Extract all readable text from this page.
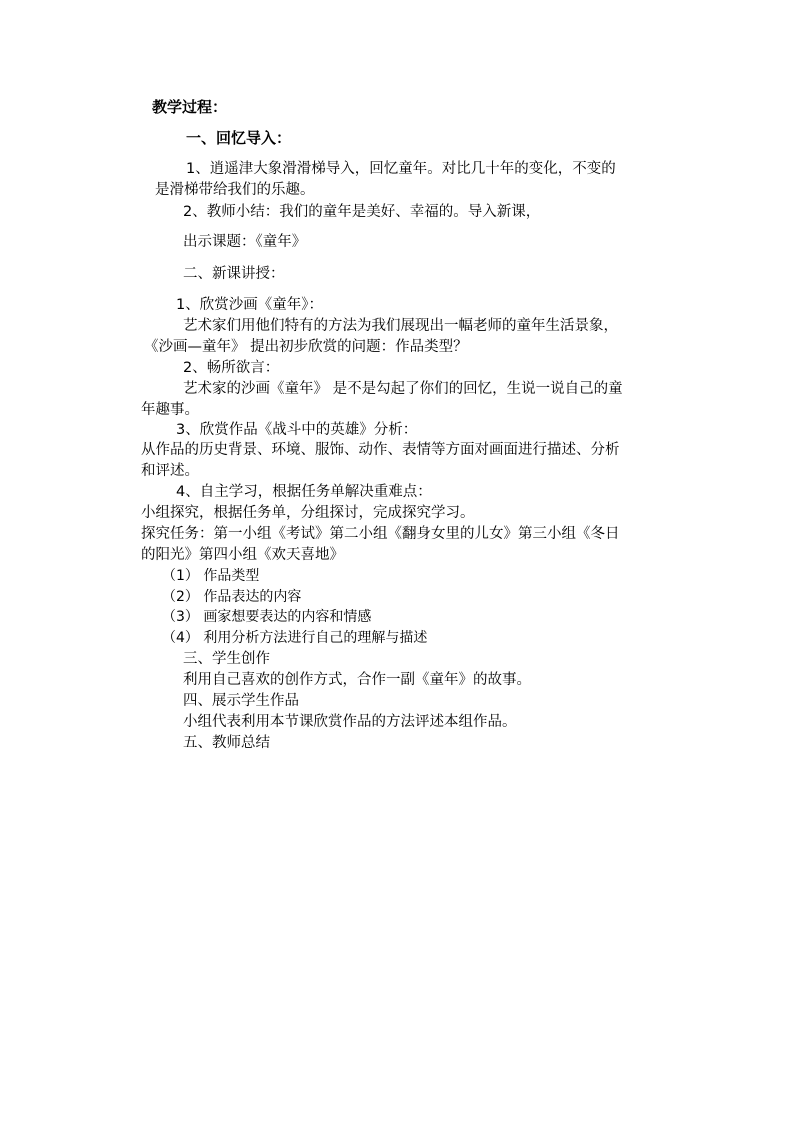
教学过程：
一、回忆导入：
1、逍遥津大象滑滑梯导入，回忆童年。对比几十年的变化，不变的
是滑梯带给我们的乐趣。
2、教师小结：我们的童年是美好、幸福的。导入新课，
出示课题：《童年》
二、新课讲授：
1、欣赏沙画《童年》：
艺术家们用他们特有的方法为我们展现出一幅老师的童年生活景象，
《沙画—童年》 提出初步欣赏的问题：作品类型？
2、畅所欲言：
艺术家的沙画《童年》 是不是勾起了你们的回忆，生说一说自己的童
年趣事。
3、欣赏作品《战斗中的英雄》分析：
从作品的历史背景、环境、服饰、动作、表情等方面对画面进行描述、分析
和评述。
4、自主学习，根据任务单解决重难点：
小组探究，根据任务单，分组探讨，完成探究学习。
探究任务：第一小组《考试》第二小组《翻身女里的儿女》第三小组《冬日
的阳光》第四小组《欢天喜地》
（1） 作品类型
（2） 作品表达的内容
（3） 画家想要表达的内容和情感
（4） 利用分析方法进行自己的理解与描述
三、学生创作
利用自己喜欢的创作方式，合作一副《童年》的故事。
四、展示学生作品
小组代表利用本节课欣赏作品的方法评述本组作品。
五、教师总结
